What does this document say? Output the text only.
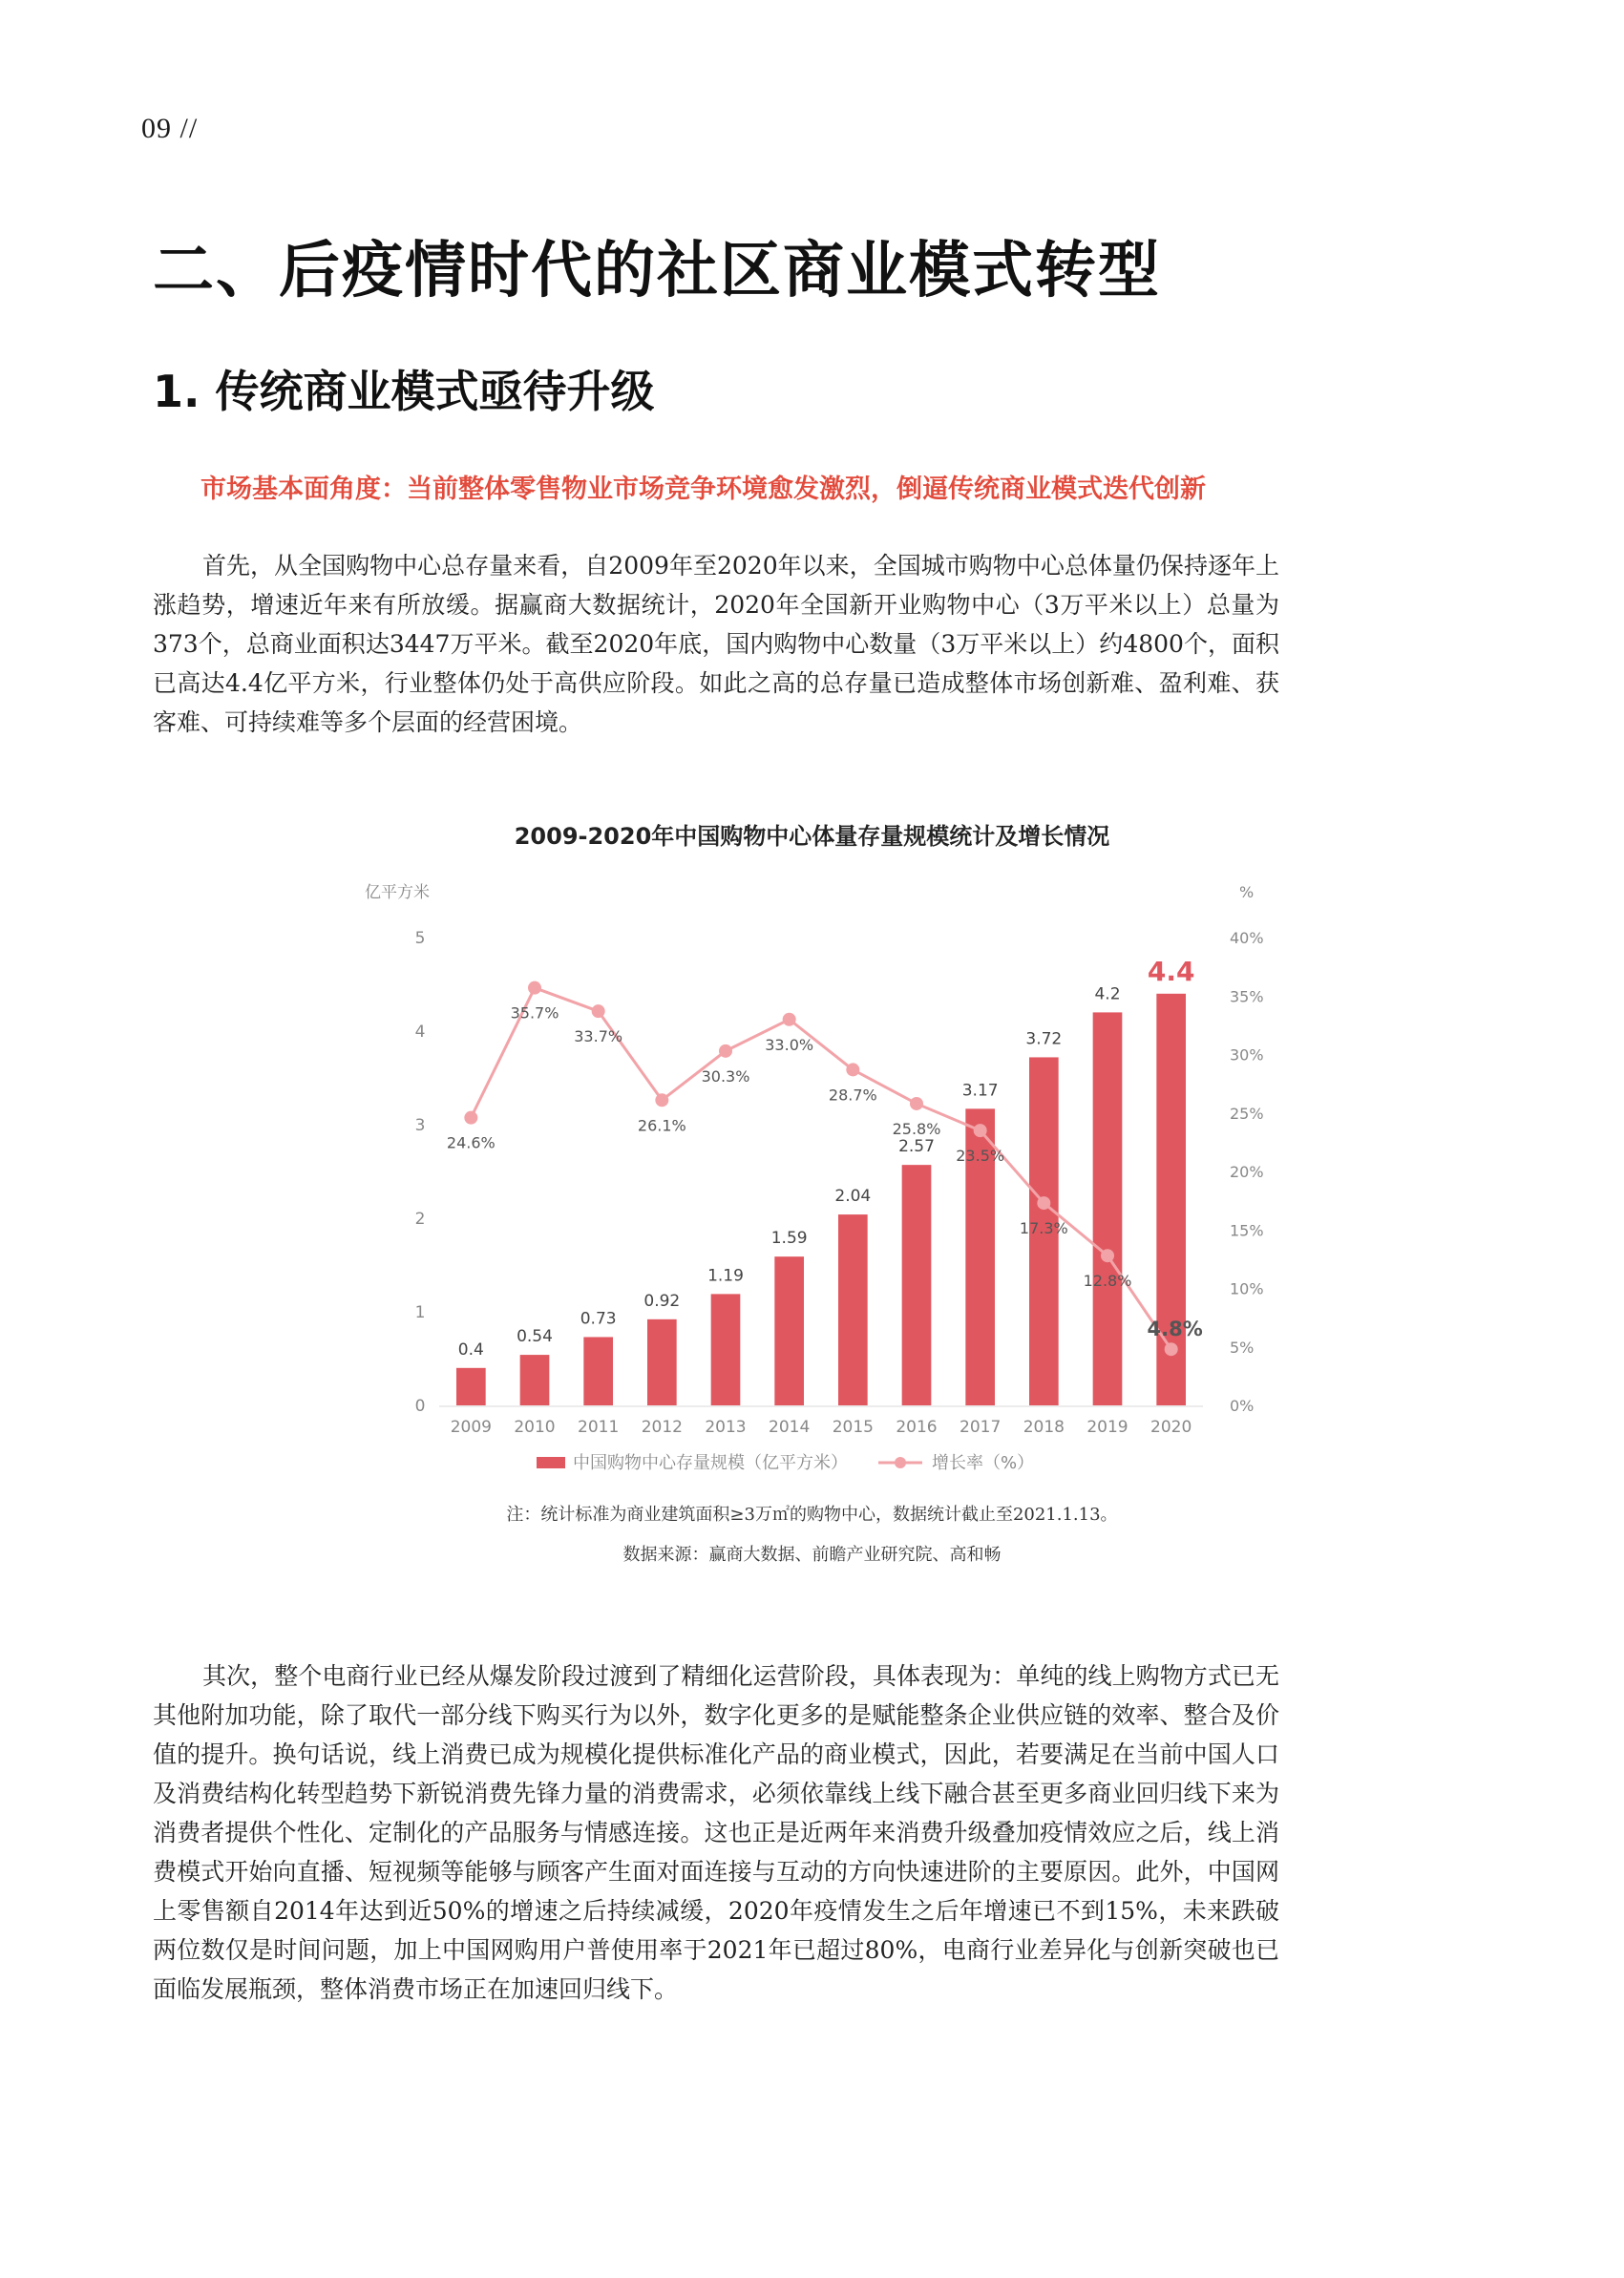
09 //
二、后疫情时代的社区商业模式转型
1. 传统商业模式亟待升级

市场基本面角度：当前整体零售物业市场竞争环境愈发激烈，倒逼传统商业模式迭代创新

首先，从全国购物中心总存量来看，自2009年至2020年以来，全国城市购物中心总体量仍保持逐年上涨趋势，增速近年来有所放缓。据赢商大数据统计，2020年全国新开业购物中心（3万平米以上）总量为373个，总商业面积达3447万平米。截至2020年底，国内购物中心数量（3万平米以上）约4800个，面积已高达4.4亿平方米，行业整体仍处于高供应阶段。如此之高的总存量已造成整体市场创新难、盈利难、获客难、可持续难等多个层面的经营困境。

2009-2020年中国购物中心体量存量规模统计及增长情况
亿平方米	%
0
1
2
3
4
5
0%
5%
10%
15%
20%
25%
30%
35%
40%
0.4
0.54
0.73
0.92
1.19
1.59
2.04
2.57
3.17
3.72
4.2
4.4
2009 2010 2011 2012 2013 2014 2015 2016 2017 2018 2019 2020
24.6%
35.7%
33.7%
26.1%
30.3%
33.0%
28.7%
25.8%
23.5%
17.3%
12.8%
4.8%
中国购物中心存量规模（亿平方米）	增长率（%）
注：统计标准为商业建筑面积≥3万㎡的购物中心，数据统计截止至2021.1.13。
数据来源：赢商大数据、前瞻产业研究院、高和畅

其次，整个电商行业已经从爆发阶段过渡到了精细化运营阶段，具体表现为：单纯的线上购物方式已无其他附加功能，除了取代一部分线下购买行为以外，数字化更多的是赋能整条企业供应链的效率、整合及价值的提升。换句话说，线上消费已成为规模化提供标准化产品的商业模式，因此，若要满足在当前中国人口及消费结构化转型趋势下新锐消费先锋力量的消费需求，必须依靠线上线下融合甚至更多商业回归线下来为消费者提供个性化、定制化的产品服务与情感连接。这也正是近两年来消费升级叠加疫情效应之后，线上消费模式开始向直播、短视频等能够与顾客产生面对面连接与互动的方向快速进阶的主要原因。此外，中国网上零售额自2014年达到近50%的增速之后持续减缓，2020年疫情发生之后年增速已不到15%，未来跌破两位数仅是时间问题，加上中国网购用户普使用率于2021年已超过80%，电商行业差异化与创新突破也已面临发展瓶颈，整体消费市场正在加速回归线下。
